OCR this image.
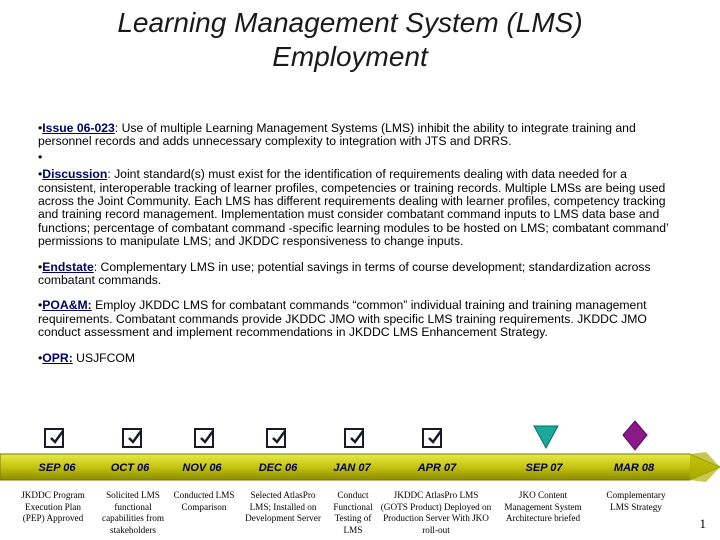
Learning Management System (LMS)
Employment
•Issue 06-023: Use of multiple Learning Management Systems (LMS) inhibit the ability to integrate training and personnel records and adds unnecessary complexity to integration with JTS and DRRS.
•
•Discussion: Joint standard(s) must exist for the identification of requirements dealing with data needed for a consistent, interoperable tracking of learner profiles, competencies or training records. Multiple LMSs are being used across the Joint Community. Each LMS has different requirements dealing with learner profiles, competency tracking and training record management. Implementation must consider combatant command inputs to LMS data base and functions; percentage of combatant command -specific learning modules to be hosted on LMS; combatant command’ permissions to manipulate LMS; and JKDDC responsiveness to change inputs.
•Endstate: Complementary LMS in use; potential savings in terms of course development; standardization across combatant commands.
•POA&M: Employ JKDDC LMS for combatant commands “common” individual training and training management requirements. Combatant commands provide JKDDC JMO with specific LMS training requirements. JKDDC JMO conduct assessment and implement recommendations in JKDDC LMS Enhancement Strategy.
•OPR: USJFCOM
SEP 06	OCT 06	NOV 06	DEC 06	JAN 07	APR 07	SEP 07	MAR 08
JKDDC Program Execution Plan (PEP) Approved
Solicited LMS functional capabilities from stakeholders
Conducted LMS Comparison
Selected AtlasPro LMS; Installed on Development Server
Conduct Functional Testing of LMS
JKDDC AtlasPro LMS (GOTS Product) Deployed on Production Server With JKO roll-out
JKO Content Management System Architecture briefed
Complementary LMS Strategy
1
